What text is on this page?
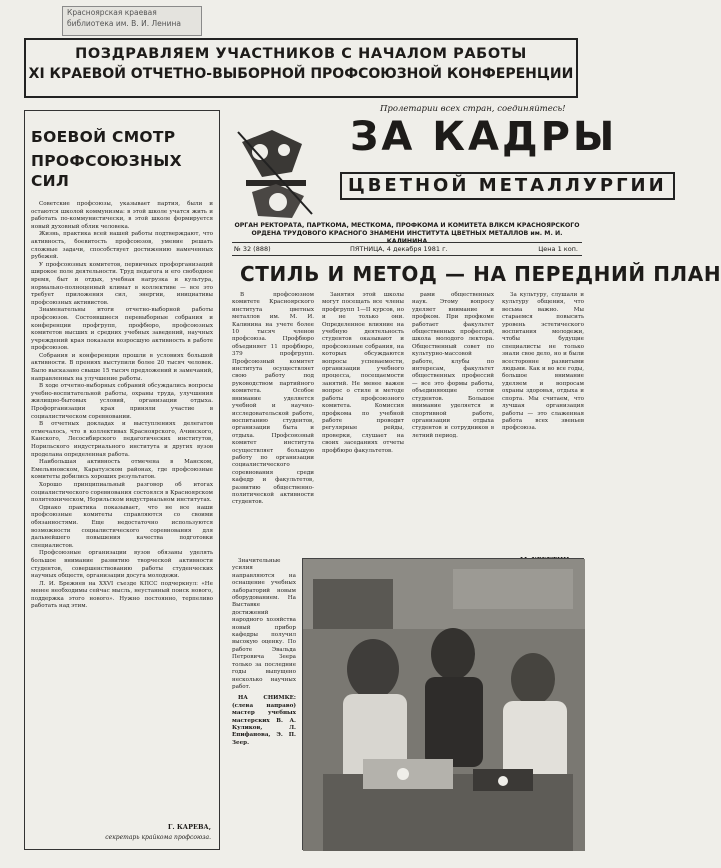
Красноярская краевая
библиотека им. В. И. Ленина
ПОЗДРАВЛЯЕМ УЧАСТНИКОВ С НАЧАЛОМ РАБОТЫ
XI КРАЕВОЙ ОТЧЕТНО-ВЫБОРНОЙ ПРОФСОЮЗНОЙ КОНФЕРЕНЦИИ
Пролетарии всех стран, соединяйтесь!
БОЕВОЙ СМОТР
ПРОФСОЮЗНЫХ СИЛ

Советские профсоюзы, указывает партия, были и остаются школой коммунизма: в этой школе учатся жить и работать по-коммунистически, в этой школе формируется новый духовный облик человека.

Жизнь, практика всей нашей работы подтверждают, что активность, боевитость профсоюзов, умение решать сложные задачи, способствует достижению намеченных рубежей.

У профсоюзных комитетов, первичных профорганизаций широкое поле деятельности. Труд педагога и его свободное время, быт и отдых, учебная нагрузка и культура, нормально-полноценный климат в коллективе — все это требует приложения сил, энергии, инициативы профсоюзных активистов.

Знаменательны итоги отчетно-выборной работы профсоюзов. Состоявшиеся перевыборные собрания и конференции профгрупп, профбюро, профсоюзных комитетов высших и средних учебных заведений, научных учреждений края показали возросшую активность в работе профсоюзов.

Собрания и конференции прошли в условиях большой активности. В прениях выступили более 20 тысяч человек. Было высказано свыше 15 тысяч предложений и замечаний, направленных на улучшение работы.

В ходе отчетно-выборных собраний обсуждались вопросы учебно-воспитательной работы, охраны труда, улучшения жилищно-бытовых условий, организации отдыха. Профорганизации края приняли участие в социалистическом соревновании.

В отчетных докладах и выступлениях делегатов отмечалось, что в коллективах Красноярского, Ачинского, Канского, Лесосибирского педагогических институтов, Норильского индустриального института и других вузов проделана определенная работа.

Наибольшая активность отмечена в Манском, Емельяновском, Каратузском районах, где профсоюзные комитеты добились хороших результатов.

Хорошо принципиальный разговор об итогах социалистического соревнования состоялся в Красноярском политехническом, Норильском индустриальном институтах.

Однако практика показывает, что не все наши профсоюзные комитеты справляются со своими обязанностями. Еще недостаточно используются возможности социалистического соревнования для дальнейшего повышения качества подготовки специалистов.

Профсоюзные организации вузов обязаны уделять большое внимание развитию творческой активности студентов, совершенствованию работы студенческих научных обществ, организации досуга молодежи.

Л. И. Брежнев на XXVI съезде КПСС подчеркнул: «Не менее необходимы сейчас мысль, неустанный поиск нового, поддержка этого нового». Нужно постоянно, терпеливо работать над этим.

Г. КАРЕВА,
секретарь крайкома профсоюза.
ЗА КАДРЫ
ЦВЕТНОЙ МЕТАЛЛУРГИИ
ОРГАН РЕКТОРАТА, ПАРТКОМА, МЕСТКОМА, ПРОФКОМА И КОМИТЕТА ВЛКСМ КРАСНОЯРСКОГО ОРДЕНА ТРУДОВОГО КРАСНОГО ЗНАМЕНИ ИНСТИТУТА ЦВЕТНЫХ МЕТАЛЛОВ им. М. И. КАЛИНИНА
№ 32 (888)	ПЯТНИЦА, 4 декабря 1981 г.	Цена 1 коп.
СТИЛЬ И МЕТОД — НА ПЕРЕДНИЙ ПЛАН

В профсоюзном комитете Красноярского института цветных металлов им. М. И. Калинина на учете более 10 тысяч членов профсоюза. Профбюро объединяет 11 профбюро, 379 профгрупп. Профсоюзный комитет института осуществляет свою работу под руководством партийного комитета. Особое внимание уделяется учебной и научно-исследовательской работе, воспитанию студентов, организации быта и отдыха. Профсоюзный комитет института осуществляет большую работу по организации социалистического соревнования среди кафедр и факультетов, развитию общественно-политической активности студентов.

Занятия этой школы могут посещать все члены профгрупп 1—II курсов, но и не только они. Определенное влияние на учебную деятельность студентов оказывают и профсоюзные собрания, на которых обсуждаются вопросы успеваемости, организации учебного процесса, посещаемости занятий. Не менее важен вопрос о стиле и методе работы профсоюзного комитета. Комиссия профкома по учебной работе проводит регулярные рейды, проверки, слушает на своих заседаниях отчеты профбюро факультетов.

рами общественных наук. Этому вопросу уделяет внимание и профком. При профкоме работает факультет общественных профессий, школа молодого лектора. Общественный совет по культурно-массовой работе, клубы по интересам, факультет общественных профессий — все это формы работы, объединяющие сотни студентов. Большое внимание уделяется и спортивной работе, организации отдыха студентов и сотрудников в летний период.

За культуру, слушали и культуру общения, что весьма важно. Мы стараемся повысить уровень эстетического воспитания молодежи, чтобы будущие специалисты не только знали свое дело, но и были всесторонне развитыми людьми. Как и во все годы, большое внимание уделяем и вопросам охраны здоровья, отдыха и спорта. Мы считаем, что лучшая организация работы — это слаженная работа всех звеньев профсоюза.

Значительные усилия направляются на оснащение учебных лабораторий новым оборудованием. На Выставке достижений народного хозяйства новый прибор кафедры получил высокую оценку. По работе Эвальда Петровича Зеера только за последние годы выпущено несколько научных работ.

НА СНИМКЕ: (слева направо) мастер учебных мастерских В. А. Куликов, Л. Епифанова, Э. П. Зеер.
